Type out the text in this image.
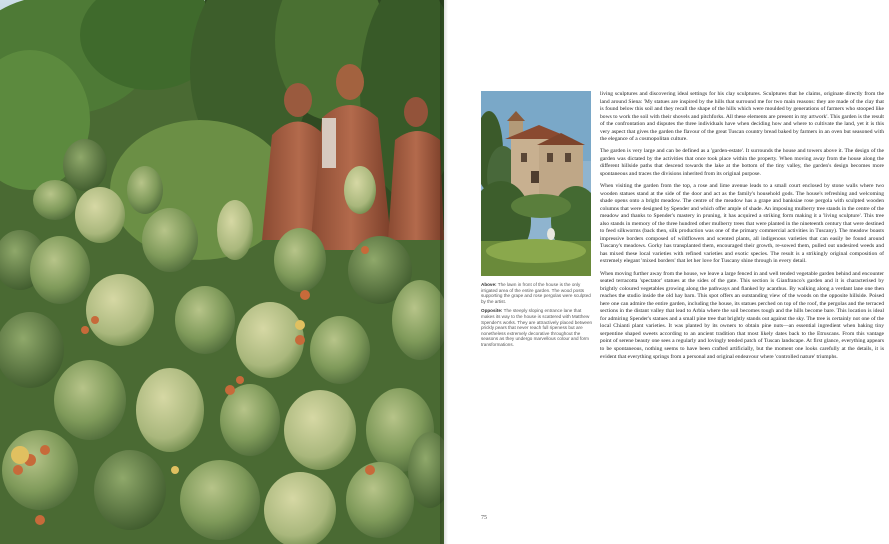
Above: The lawn in front of the house is the only irrigated area of the entire garden. The wood posts supporting the grape and rose pergolas were sculpted by the artist.

Opposite: The steeply sloping entrance lane that makes its way to the house is scattered with Matthew Spender's works. They are attractively placed between prickly pears that never reach full ripeness but are nonetheless extremely decorative throughout the seasons as they undergo marvellous colour and form transformations.

living sculptures and discovering ideal settings for his clay sculptures. Sculptures that he claims, originate directly from the land around Siena: 'My statues are inspired by the hills that surround me for two main reasons: they are made of the clay that is found below this soil and they recall the shape of the hills which were moulded by generations of farmers who stooped like bows to work the soil with their shovels and pitchforks. All these elements are present in my artwork'. This garden is the result of the confrontation and disputes the three individuals have when deciding how and where to cultivate the land, yet it is this very aspect that gives the garden the flavour of the great Tuscan country bread baked by farmers in an oven but seasoned with the elegance of a cosmopolitan culture.

The garden is very large and can be defined as a 'garden-estate'. It surrounds the house and towers above it. The design of the garden was dictated by the activities that once took place within the property. When moving away from the house along the different hillside paths that descend towards the lake at the bottom of the tiny valley, the garden's design becomes more spontaneous and traces the divisions inherited from its original purpose.

When visiting the garden from the top, a rose and lime avenue leads to a small court enclosed by stone walls where two wooden statues stand at the side of the door and act as the family's household gods. The house's refreshing and welcoming shade opens onto a bright meadow. The centre of the meadow has a grape and banksiae rose pergola with sculpted wooden columns that were designed by Spender and which offer ample of shade. An imposing mulberry tree stands in the centre of the meadow and thanks to Spender's mastery in pruning, it has acquired a striking form making it a 'living sculpture'. This tree also stands in memory of the three hundred other mulberry trees that were planted in the nineteenth century that were destined to feed silkworms (back then, silk production was one of the primary commercial activities in Tuscany). The meadow boasts impressive borders composed of wildflowers and scented plants, all indigenous varieties that can easily be found around Tuscany's meadows. Gorky has transplanted them, encouraged their growth, re-sowed them, pulled out undesired weeds and has mixed these local varieties with refined varieties and exotic species. The result is a strikingly original composition of extremely elegant 'mixed borders' that let her love for Tuscany shine through in every detail.

When moving further away from the house, we leave a large fenced in and well tended vegetable garden behind and encounter seated terracotta 'spectator' statues at the sides of the gate. This section is Gianfranco's garden and it is characterised by brightly coloured vegetables growing along the pathways and flanked by acanthus. By walking along a verdant lane one then reaches the studio inside the old hay barn. This spot offers an outstanding view of the woods on the opposite hillside. Poised here one can admire the entire garden, including the house, its statues perched on top of the roof, the pergolas and the terraced sections in the distant valley that lead to Arbia where the soil becomes tough and the hills become bare. This location is ideal for admiring Spender's statues and a small pine tree that brightly stands out against the sky. The tree is certainly not one of the local Chianti plant varieties. It was planted by its owners to obtain pine nuts—an essential ingredient when baking tiny serpentine shaped sweets according to an ancient tradition that most likely dates back to the Etruscans. From this vantage point of serene beauty one sees a regularly and lovingly tended patch of Tuscan landscape. At first glance, everything appears to be spontaneous, nothing seems to have been crafted artificially, but the moment one looks carefully at the details, it is evident that everything springs from a personal and original endeavour where 'controlled nature' triumphs.

75
